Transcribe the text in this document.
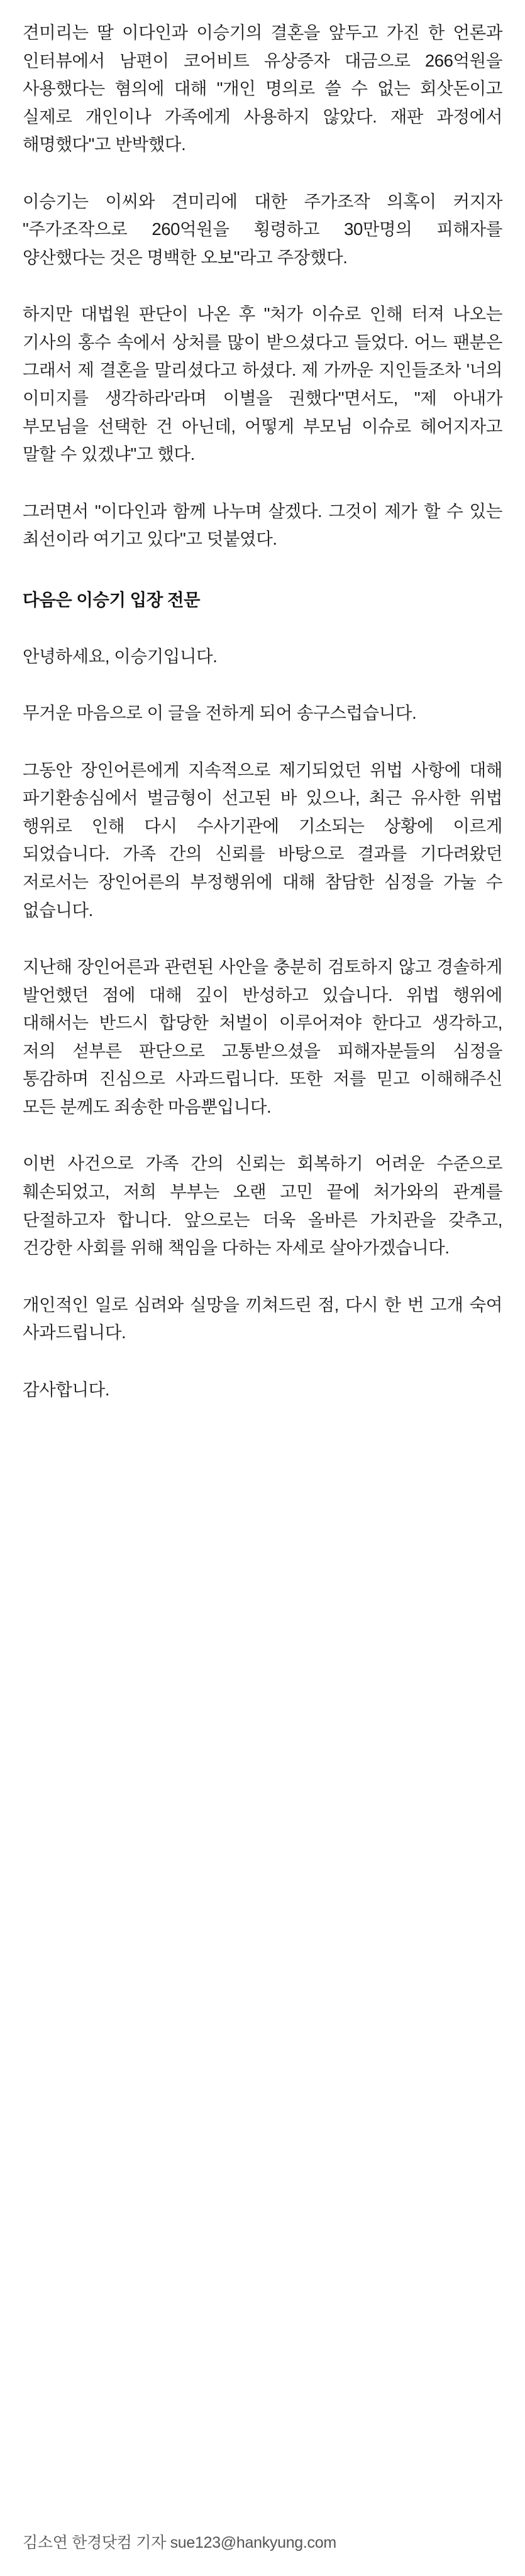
견미리는 딸 이다인과 이승기의 결혼을 앞두고 가진 한 언론과 인터뷰에서 남편이 코어비트 유상증자 대금으로 266억원을 사용했다는 혐의에 대해 "개인 명의로 쓸 수 없는 회삿돈이고 실제로 개인이나 가족에게 사용하지 않았다. 재판 과정에서 해명했다"고 반박했다.

이승기는 이씨와 견미리에 대한 주가조작 의혹이 커지자 "주가조작으로 260억원을 횡령하고 30만명의 피해자를 양산했다는 것은 명백한 오보"라고 주장했다.

하지만 대법원 판단이 나온 후 "처가 이슈로 인해 터져 나오는 기사의 홍수 속에서 상처를 많이 받으셨다고 들었다. 어느 팬분은 그래서 제 결혼을 말리셨다고 하셨다. 제 가까운 지인들조차 '너의 이미지를 생각하라'라며 이별을 권했다"면서도, "제 아내가 부모님을 선택한 건 아닌데, 어떻게 부모님 이슈로 헤어지자고 말할 수 있겠냐"고 했다.

그러면서 "이다인과 함께 나누며 살겠다. 그것이 제가 할 수 있는 최선이라 여기고 있다"고 덧붙였다.

다음은 이승기 입장 전문

안녕하세요, 이승기입니다.

무거운 마음으로 이 글을 전하게 되어 송구스럽습니다.

그동안 장인어른에게 지속적으로 제기되었던 위법 사항에 대해 파기환송심에서 벌금형이 선고된 바 있으나, 최근 유사한 위법 행위로 인해 다시 수사기관에 기소되는 상황에 이르게 되었습니다. 가족 간의 신뢰를 바탕으로 결과를 기다려왔던 저로서는 장인어른의 부정행위에 대해 참담한 심정을 가눌 수 없습니다.

지난해 장인어른과 관련된 사안을 충분히 검토하지 않고 경솔하게 발언했던 점에 대해 깊이 반성하고 있습니다. 위법 행위에 대해서는 반드시 합당한 처벌이 이루어져야 한다고 생각하고, 저의 섣부른 판단으로 고통받으셨을 피해자분들의 심정을 통감하며 진심으로 사과드립니다. 또한 저를 믿고 이해해주신 모든 분께도 죄송한 마음뿐입니다.

이번 사건으로 가족 간의 신뢰는 회복하기 어려운 수준으로 훼손되었고, 저희 부부는 오랜 고민 끝에 처가와의 관계를 단절하고자 합니다. 앞으로는 더욱 올바른 가치관을 갖추고, 건강한 사회를 위해 책임을 다하는 자세로 살아가겠습니다.

개인적인 일로 심려와 실망을 끼쳐드린 점, 다시 한 번 고개 숙여 사과드립니다.

감사합니다.

김소연 한경닷컴 기자 sue123@hankyung.com
